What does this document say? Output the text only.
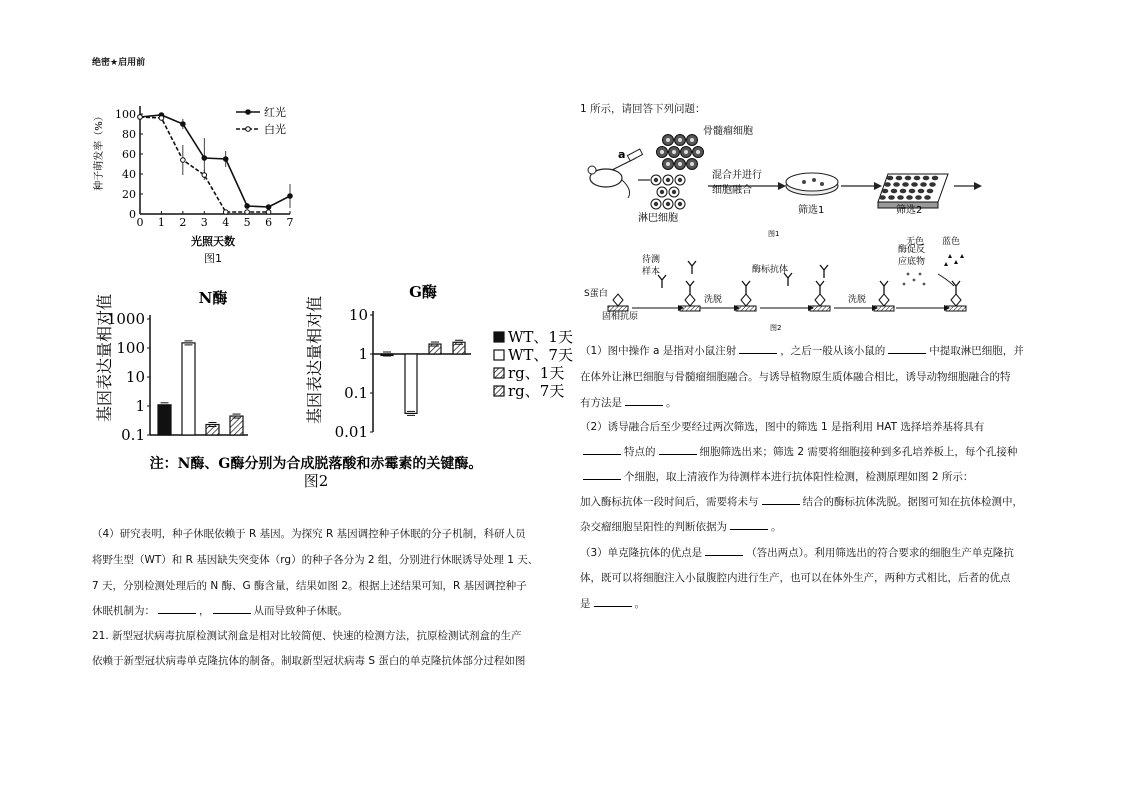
绝密★启用前
0 1 2 3 4 5 6 7
0
20
40
60
80
100	红光
白光
种子萌发率（%）
光照天数
图1
N酶
基因表达量相对值
1000
100
10
1
0.1
G酶
基因表达量相对值 10
1
0.1
0.01
WT、1天
WT、7天
rg、1天
rg、7天
注：N酶、G酶分别为合成脱落酸和赤霉素的关键酶。
图2
（4）研究表明，种子休眠依赖于 R 基因。为探究 R 基因调控种子休眠的分子机制，科研人员
将野生型（WT）和 R 基因缺失突变体（rg）的种子各分为 2 组，分别进行休眠诱导处理 1 天、
7 天，分别检测处理后的 N 酶、G 酶含量，结果如图 2。根据上述结果可知，R 基因调控种子
休眠机制为：	，	从而导致种子休眠。
21. 新型冠状病毒抗原检测试剂盒是相对比较简便、快速的检测方法，抗原检测试剂盒的生产
依赖于新型冠状病毒单克隆抗体的制备。制取新型冠状病毒 S 蛋白的单克隆抗体部分过程如图
1 所示，请回答下列问题：
a
骨髓瘤细胞
淋巴细胞
混合并进行
细胞融合
筛选1	筛选2
图1
待测
样本
S蛋白
固相抗原
酶标抗体
洗脱	洗脱
酶促反
应底物
无色 蓝色
图2
（1）图中操作 a 是指对小鼠注射	，之后一般从该小鼠的	中提取淋巴细胞，并
在体外让淋巴细胞与骨髓瘤细胞融合。与诱导植物原生质体融合相比，诱导动物细胞融合的特
有方法是	。
（2）诱导融合后至少要经过两次筛选，图中的筛选 1 是指利用 HAT 选择培养基将具有
特点的	细胞筛选出来；筛选 2 需要将细胞接种到多孔培养板上，每个孔接种
个细胞，取上清液作为待测样本进行抗体阳性检测，检测原理如图 2 所示：
加入酶标抗体一段时间后，需要将未与	结合的酶标抗体洗脱。据图可知在抗体检测中，
杂交瘤细胞呈阳性的判断依据为	。
（3）单克隆抗体的优点是	（答出两点）。利用筛选出的符合要求的细胞生产单克隆抗
体，既可以将细胞注入小鼠腹腔内进行生产，也可以在体外生产，两种方式相比，后者的优点
是	。
